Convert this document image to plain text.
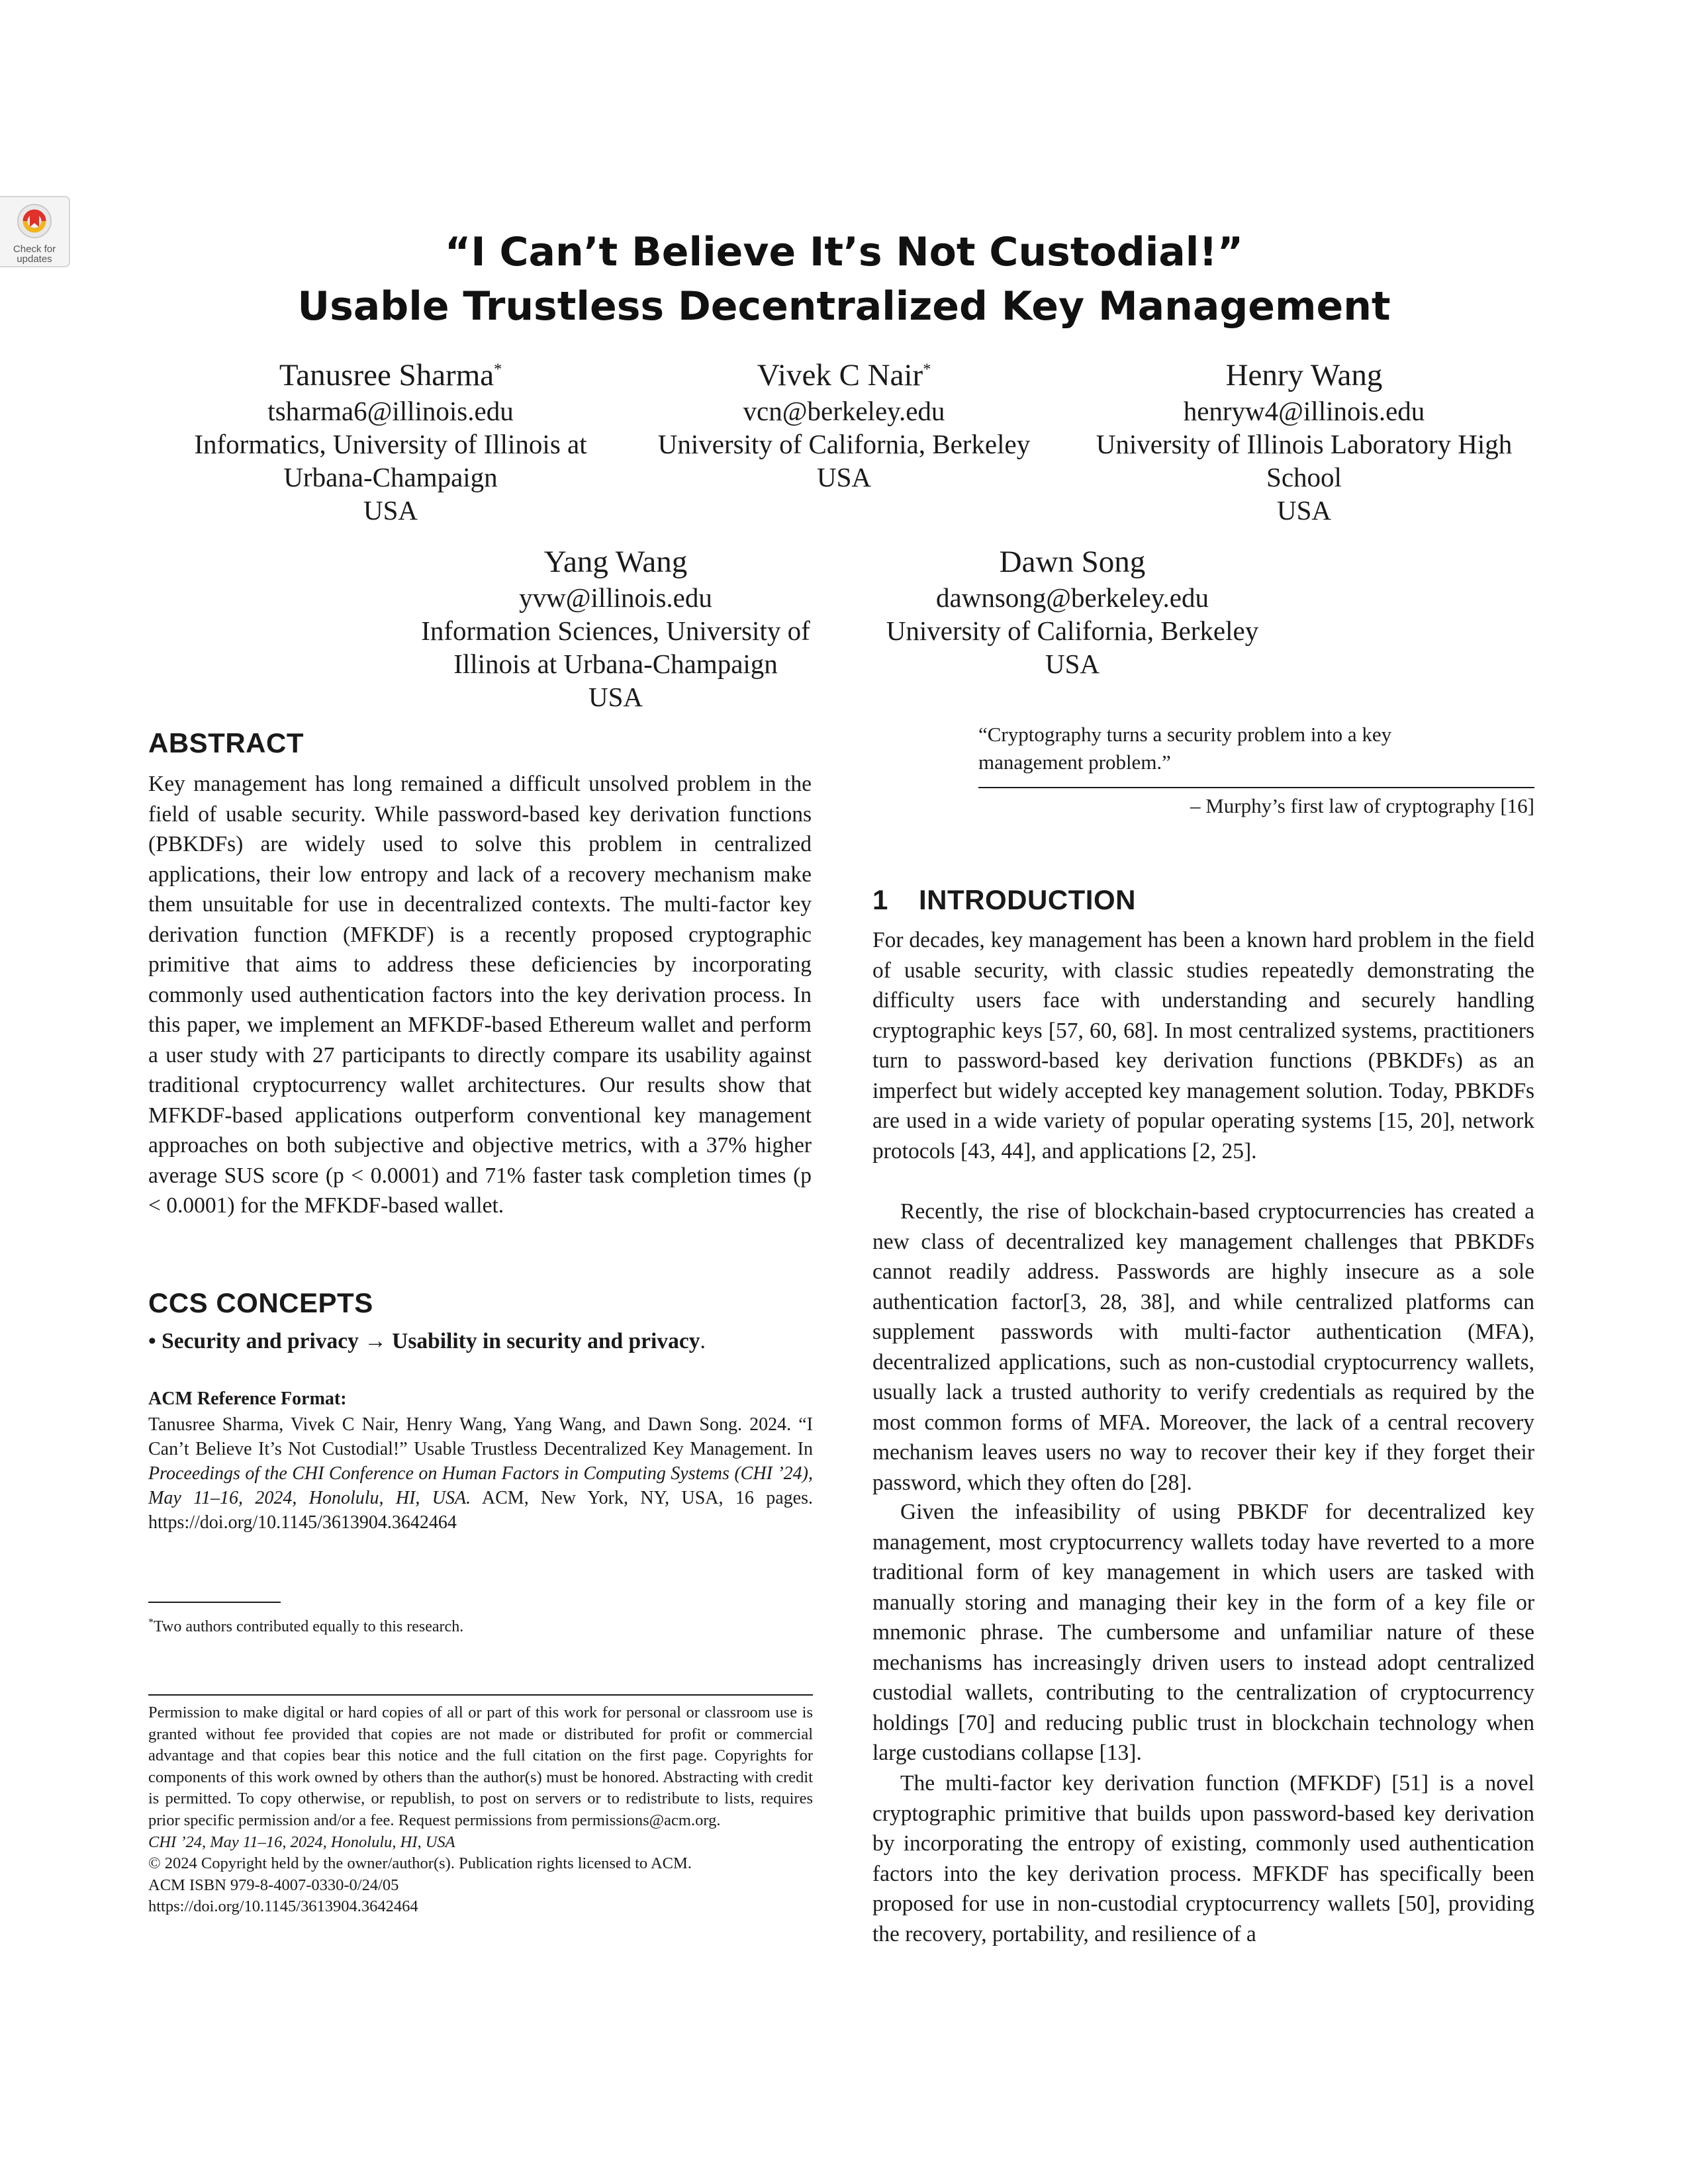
Check for updates	“I Can’t Believe It’s Not Custodial!”
Usable Trustless Decentralized Key Management
Tanusree Sharma*
tsharma6@illinois.edu
Informatics, University of Illinois at
Urbana-Champaign
USA
Vivek C Nair*
vcn@berkeley.edu
University of California, Berkeley
USA
Henry Wang
henryw4@illinois.edu
University of Illinois Laboratory High
School
USA
Yang Wang
yvw@illinois.edu
Information Sciences, University of
Illinois at Urbana-Champaign
USA
Dawn Song
dawnsong@berkeley.edu
University of California, Berkeley
USA
ABSTRACT
Key management has long remained a difficult unsolved problem in the field of usable security. While password-based key derivation functions (PBKDFs) are widely used to solve this problem in centralized applications, their low entropy and lack of a recovery mechanism make them unsuitable for use in decentralized contexts. The multi-factor key derivation function (MFKDF) is a recently proposed cryptographic primitive that aims to address these deficiencies by incorporating commonly used authentication factors into the key derivation process. In this paper, we implement an MFKDF-based Ethereum wallet and perform a user study with 27 participants to directly compare its usability against traditional cryptocurrency wallet architectures. Our results show that MFKDF-based applications outperform conventional key management approaches on both subjective and objective metrics, with a 37% higher average SUS score (p < 0.0001) and 71% faster task completion times (p < 0.0001) for the MFKDF-based wallet.
CCS CONCEPTS
• Security and privacy → Usability in security and privacy.
ACM Reference Format:
Tanusree Sharma, Vivek C Nair, Henry Wang, Yang Wang, and Dawn Song. 2024. “I Can’t Believe It’s Not Custodial!” Usable Trustless Decentralized Key Management. In Proceedings of the CHI Conference on Human Factors in Computing Systems (CHI ’24), May 11–16, 2024, Honolulu, HI, USA. ACM, New York, NY, USA, 16 pages. https://doi.org/10.1145/3613904.3642464
*Two authors contributed equally to this research.
Permission to make digital or hard copies of all or part of this work for personal or classroom use is granted without fee provided that copies are not made or distributed for profit or commercial advantage and that copies bear this notice and the full citation on the first page. Copyrights for components of this work owned by others than the author(s) must be honored. Abstracting with credit is permitted. To copy otherwise, or republish, to post on servers or to redistribute to lists, requires prior specific permission and/or a fee. Request permissions from permissions@acm.org.
CHI ’24, May 11–16, 2024, Honolulu, HI, USA
© 2024 Copyright held by the owner/author(s). Publication rights licensed to ACM.
ACM ISBN 979-8-4007-0330-0/24/05
https://doi.org/10.1145/3613904.3642464
“Cryptography turns a security problem into a key management problem.”
– Murphy’s first law of cryptography [16]
1 INTRODUCTION
For decades, key management has been a known hard problem in the field of usable security, with classic studies repeatedly demonstrating the difficulty users face with understanding and securely handling cryptographic keys [57, 60, 68]. In most centralized systems, practitioners turn to password-based key derivation functions (PBKDFs) as an imperfect but widely accepted key management solution. Today, PBKDFs are used in a wide variety of popular operating systems [15, 20], network protocols [43, 44], and applications [2, 25].
Recently, the rise of blockchain-based cryptocurrencies has created a new class of decentralized key management challenges that PBKDFs cannot readily address. Passwords are highly insecure as a sole authentication factor[3, 28, 38], and while centralized platforms can supplement passwords with multi-factor authentication (MFA), decentralized applications, such as non-custodial cryptocurrency wallets, usually lack a trusted authority to verify credentials as required by the most common forms of MFA. Moreover, the lack of a central recovery mechanism leaves users no way to recover their key if they forget their password, which they often do [28].
Given the infeasibility of using PBKDF for decentralized key management, most cryptocurrency wallets today have reverted to a more traditional form of key management in which users are tasked with manually storing and managing their key in the form of a key file or mnemonic phrase. The cumbersome and unfamiliar nature of these mechanisms has increasingly driven users to instead adopt centralized custodial wallets, contributing to the centralization of cryptocurrency holdings [70] and reducing public trust in blockchain technology when large custodians collapse [13].
The multi-factor key derivation function (MFKDF) [51] is a novel cryptographic primitive that builds upon password-based key derivation by incorporating the entropy of existing, commonly used authentication factors into the key derivation process. MFKDF has specifically been proposed for use in non-custodial cryptocurrency wallets [50], providing the recovery, portability, and resilience of a
